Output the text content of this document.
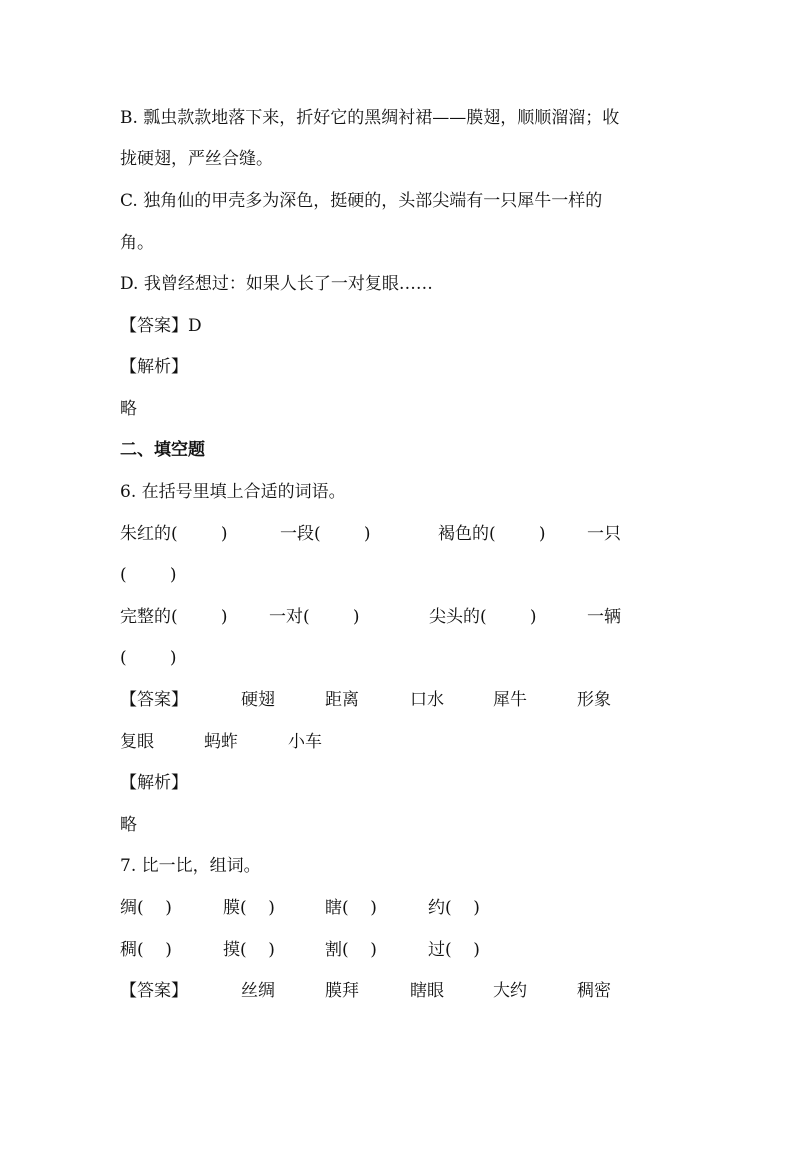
B. 瓢虫款款地落下来，折好它的黑绸衬裙——膜翅，顺顺溜溜；收

拢硬翅，严丝合缝。

C. 独角仙的甲壳多为深色，挺硬的，头部尖端有一只犀牛一样的

角。

D. 我曾经想过：如果人长了一对复眼……

【答案】D

【解析】

略

二、填空题

6. 在括号里填上合适的词语。

朱红的(        )

	一段(        )

	褐色的(        )

一只

(        )

完整的(        )

一对(        )

	尖头的(        )

	一辆

(        )

【答案】

	硬翅

	距离

	口水

	犀牛

	形象

复眼

	蚂蚱

	小车

【解析】

略

7. 比一比，组词。

绸(    )

	膜(    )

	瞎(    )

	约(    )

稠(    )

	摸(    )

	割(    )

	过(    )

【答案】

	丝绸

	膜拜

	瞎眼

	大约

	稠密
